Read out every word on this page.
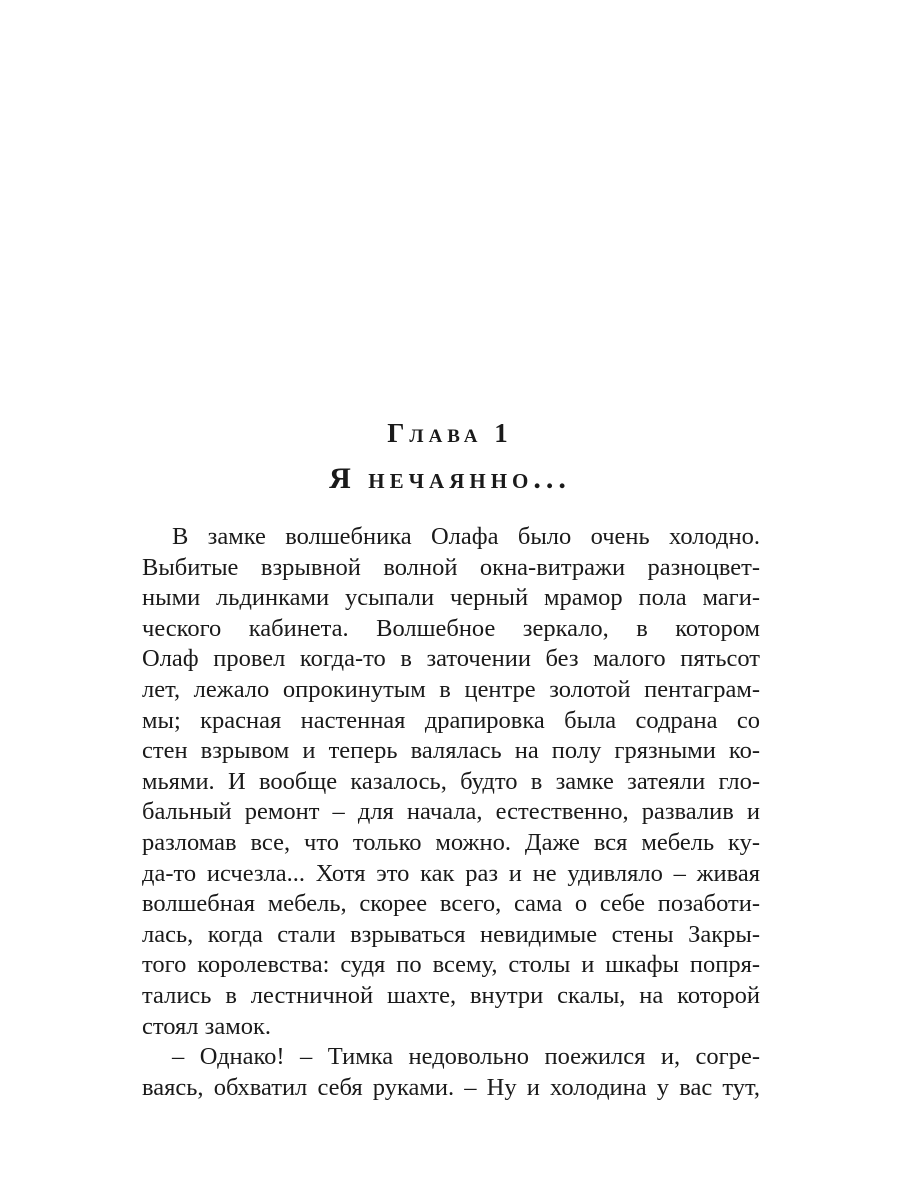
Глава 1
Я нечаянно...
В замке волшебника Олафа было очень холодно.
Выбитые взрывной волной окна-витражи разноцвет-
ными льдинками усыпали черный мрамор пола маги-
ческого кабинета. Волшебное зеркало, в котором
Олаф провел когда-то в заточении без малого пятьсот
лет, лежало опрокинутым в центре золотой пентаграм-
мы; красная настенная драпировка была содрана со
стен взрывом и теперь валялась на полу грязными ко-
мьями. И вообще казалось, будто в замке затеяли гло-
бальный ремонт – для начала, естественно, развалив и
разломав все, что только можно. Даже вся мебель ку-
да-то исчезла... Хотя это как раз и не удивляло – живая
волшебная мебель, скорее всего, сама о себе позаботи-
лась, когда стали взрываться невидимые стены Закры-
того королевства: судя по всему, столы и шкафы попря-
тались в лестничной шахте, внутри скалы, на которой
стоял замок.
– Однако! – Тимка недовольно поежился и, согре-
ваясь, обхватил себя руками. – Ну и холодина у вас тут,
